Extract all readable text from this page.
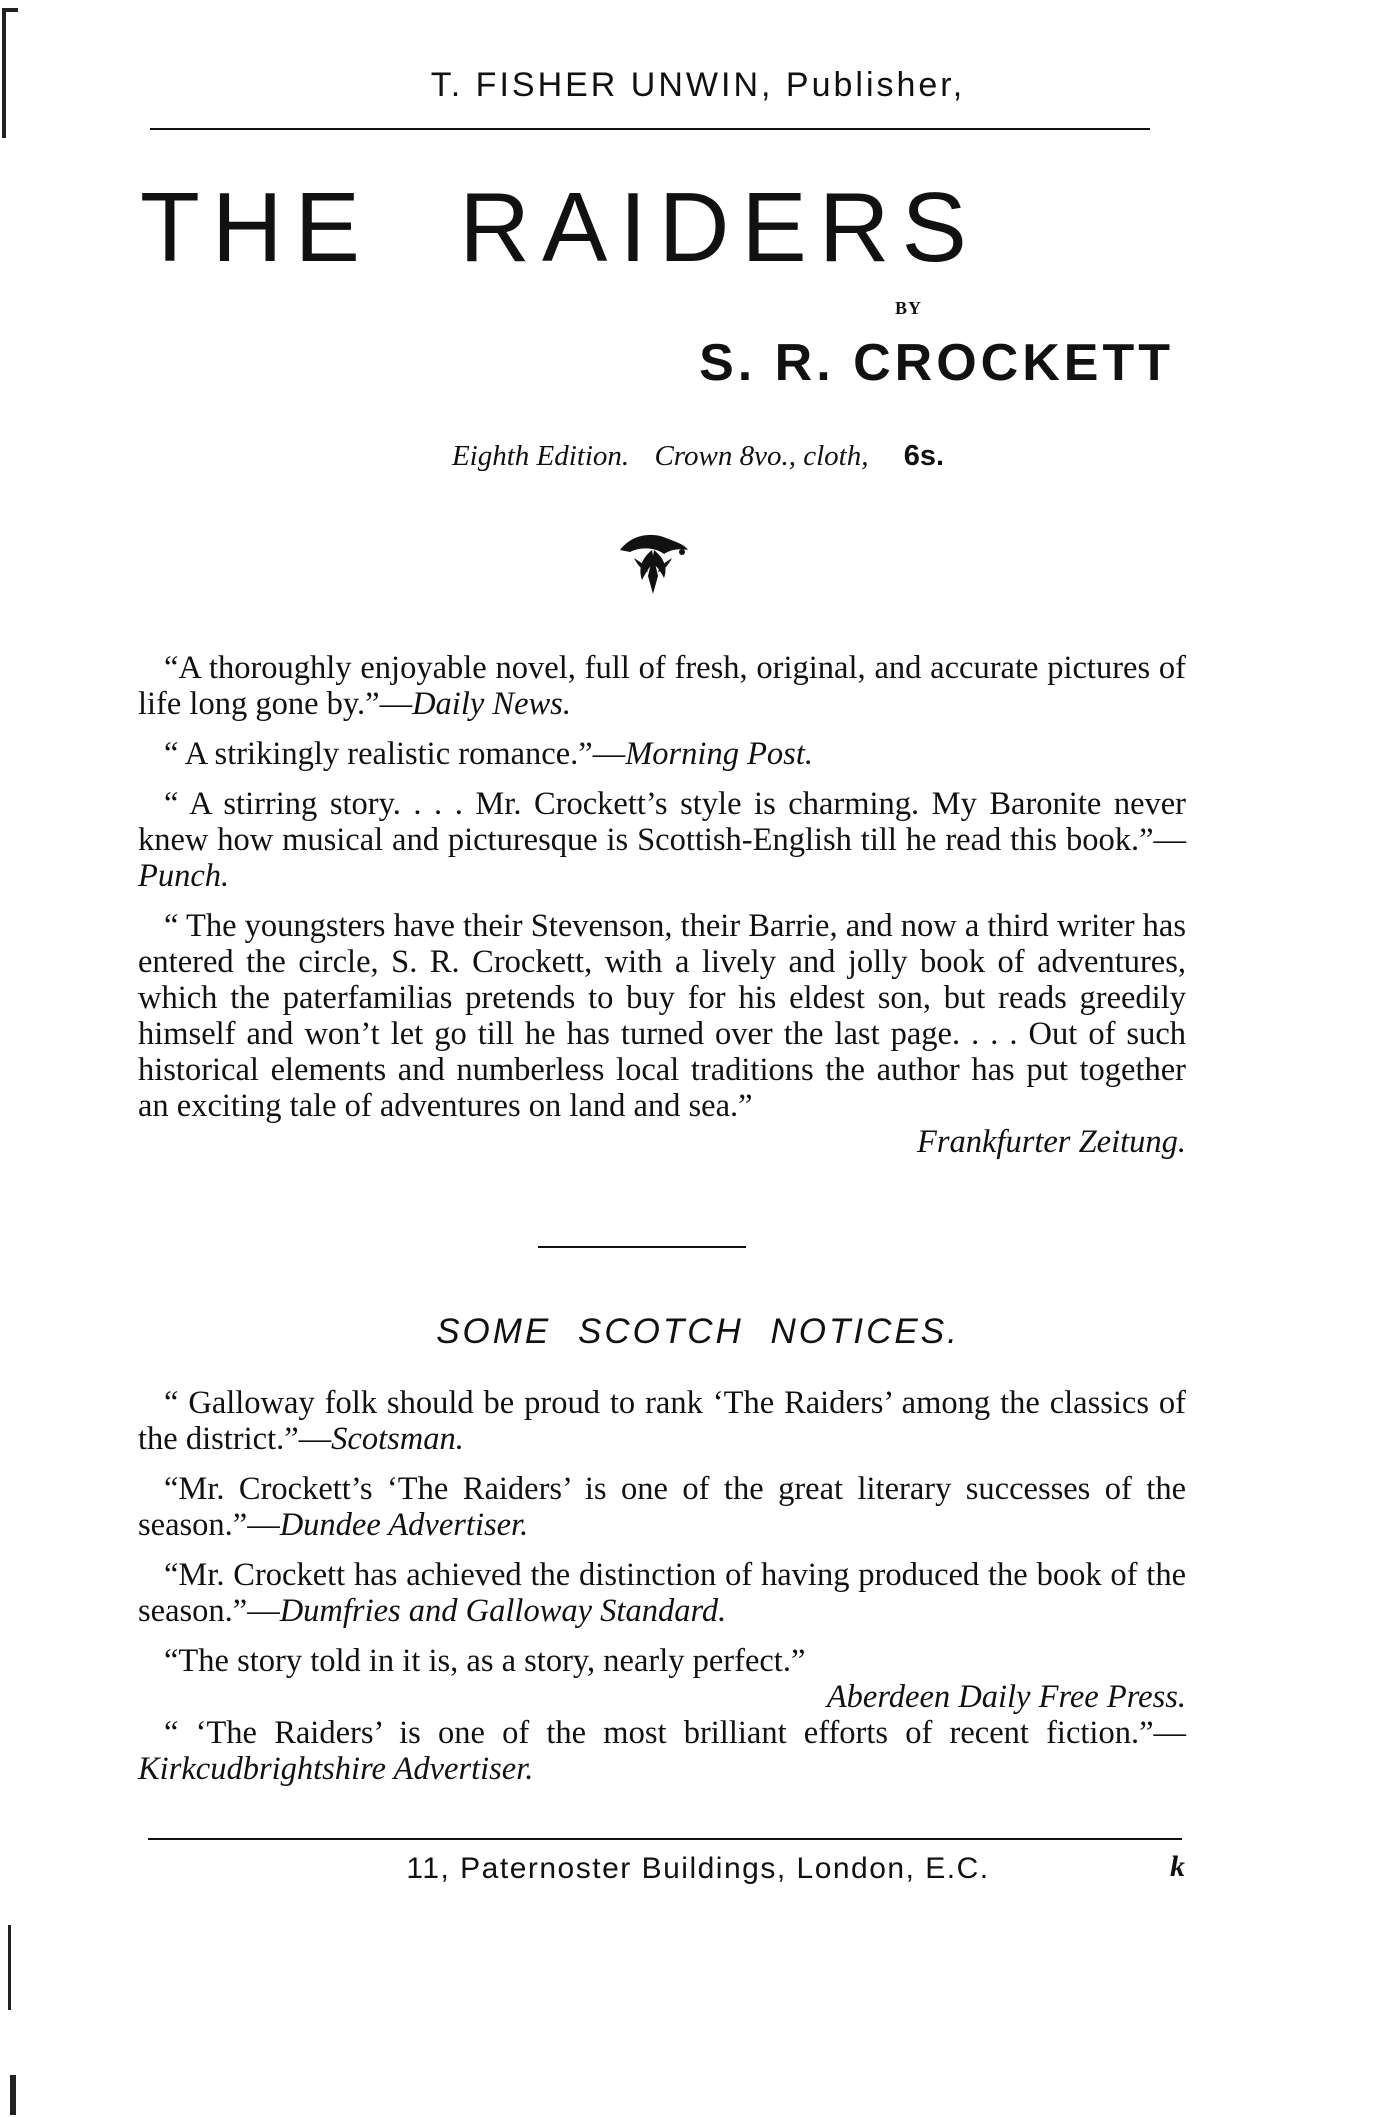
T. FISHER UNWIN, Publisher,
THE RAIDERS
BY
S. R. CROCKETT
Eighth Edition. Crown 8vo., cloth, 6s.

“A thoroughly enjoyable novel, full of fresh, original, and accurate pictures of life long gone by.”—Daily News.

“ A strikingly realistic romance.”—Morning Post.

“ A stirring story. . . . Mr. Crockett’s style is charming. My Baronite never knew how musical and picturesque is Scottish-English till he read this book.”—Punch.

“ The youngsters have their Stevenson, their Barrie, and now a third writer has entered the circle, S. R. Crockett, with a lively and jolly book of adventures, which the paterfamilias pretends to buy for his eldest son, but reads greedily himself and won’t let go till he has turned over the last page. . . . Out of such historical elements and numberless local traditions the author has put together an exciting tale of adventures on land and sea.”

Frankfurter Zeitung.

SOME SCOTCH NOTICES.

“ Galloway folk should be proud to rank ‘The Raiders’ among the classics of the district.”—Scotsman.

“Mr. Crockett’s ‘The Raiders’ is one of the great literary successes of the season.”—Dundee Advertiser.

“Mr. Crockett has achieved the distinction of having produced the book of the season.”—Dumfries and Galloway Standard.

“The story told in it is, as a story, nearly perfect.”

Aberdeen Daily Free Press.

“ ‘The Raiders’ is one of the most brilliant efforts of recent fiction.”—Kirkcudbrightshire Advertiser.

11, Paternoster Buildings, London, E.C.	k
